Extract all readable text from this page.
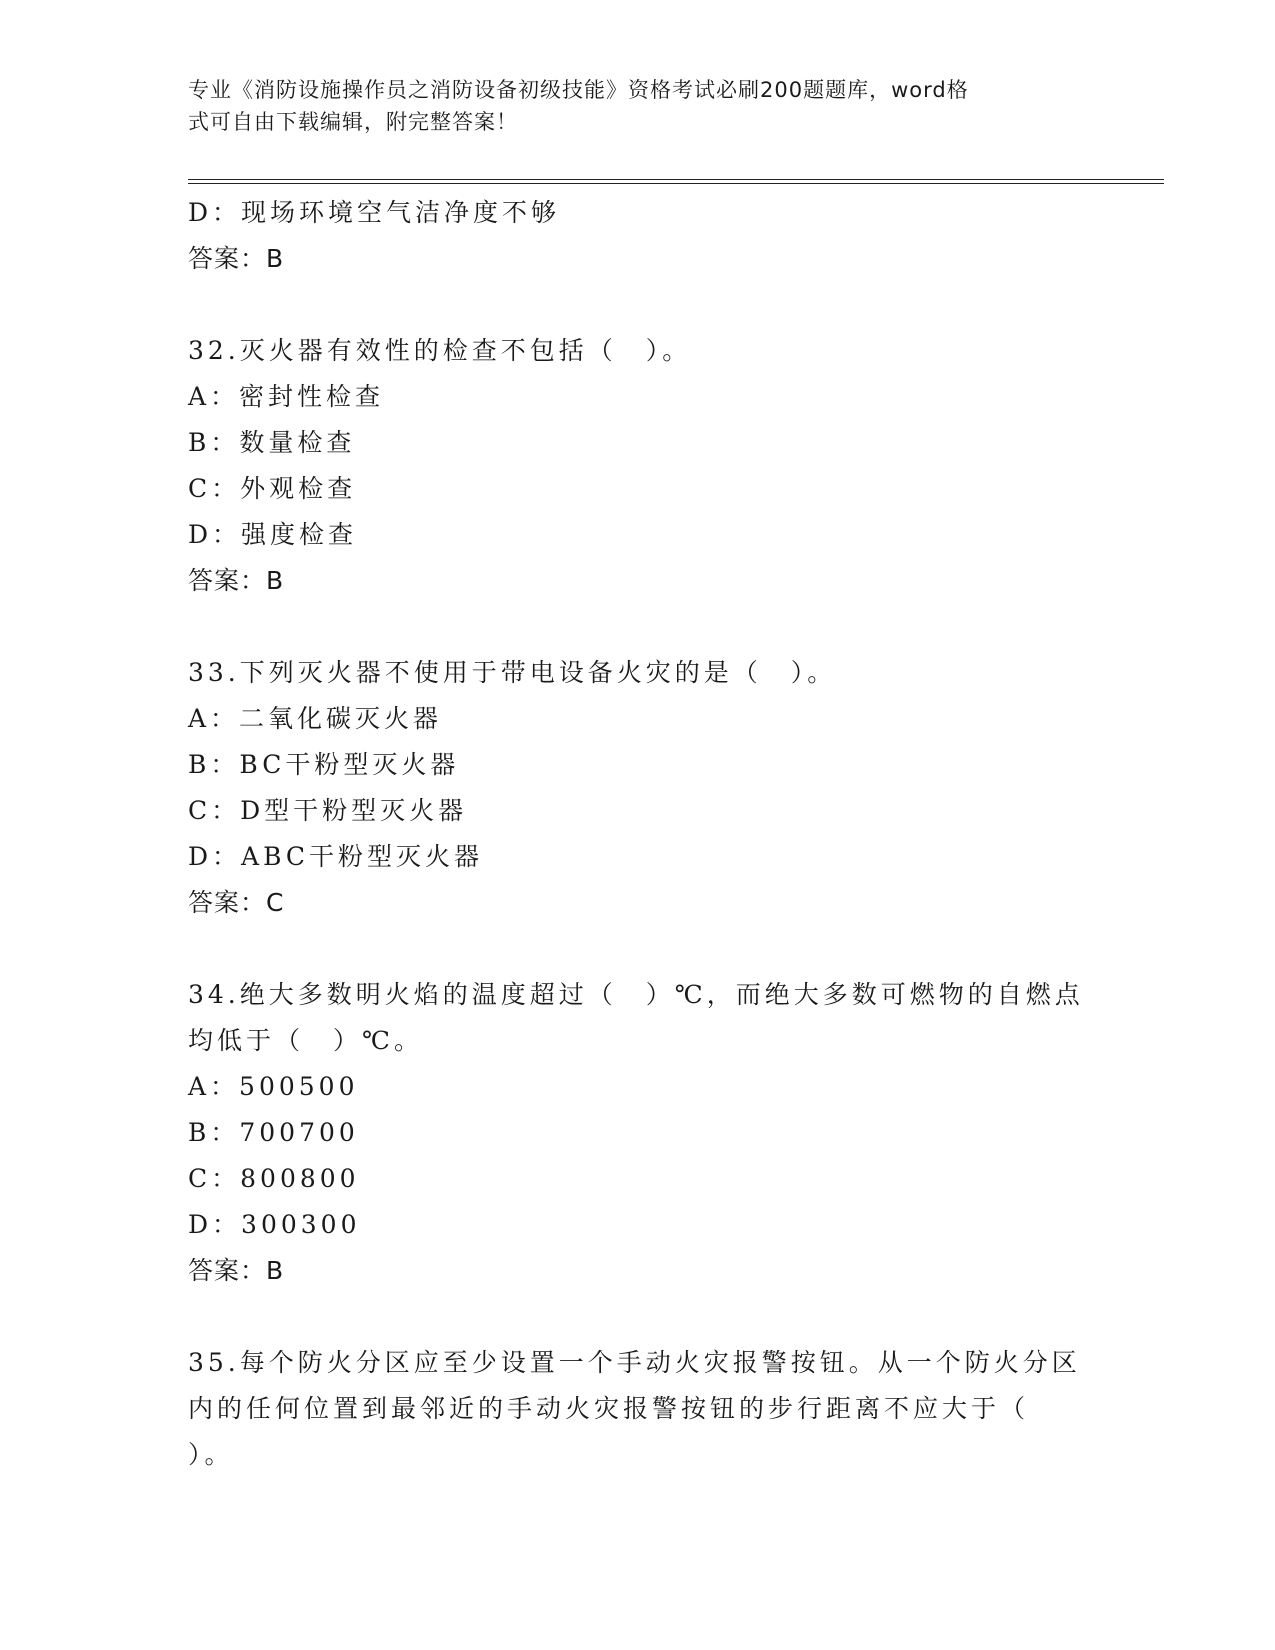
专业《消防设施操作员之消防设备初级技能》资格考试必刷200题题库，word格
式可自由下载编辑，附完整答案！
D：现场环境空气洁净度不够
答案：B
32.灭火器有效性的检查不包括（　）。
A：密封性检查
B：数量检查
C：外观检查
D：强度检查
答案：B
33.下列灭火器不使用于带电设备火灾的是（　）。
A：二氧化碳灭火器
B：BC干粉型灭火器
C：D型干粉型灭火器
D：ABC干粉型灭火器
答案：C
34.绝大多数明火焰的温度超过（　）℃，而绝大多数可燃物的自燃点
均低于（　）℃。
A：500500
B：700700
C：800800
D：300300
答案：B
35.每个防火分区应至少设置一个手动火灾报警按钮。从一个防火分区
内的任何位置到最邻近的手动火灾报警按钮的步行距离不应大于（
）。
